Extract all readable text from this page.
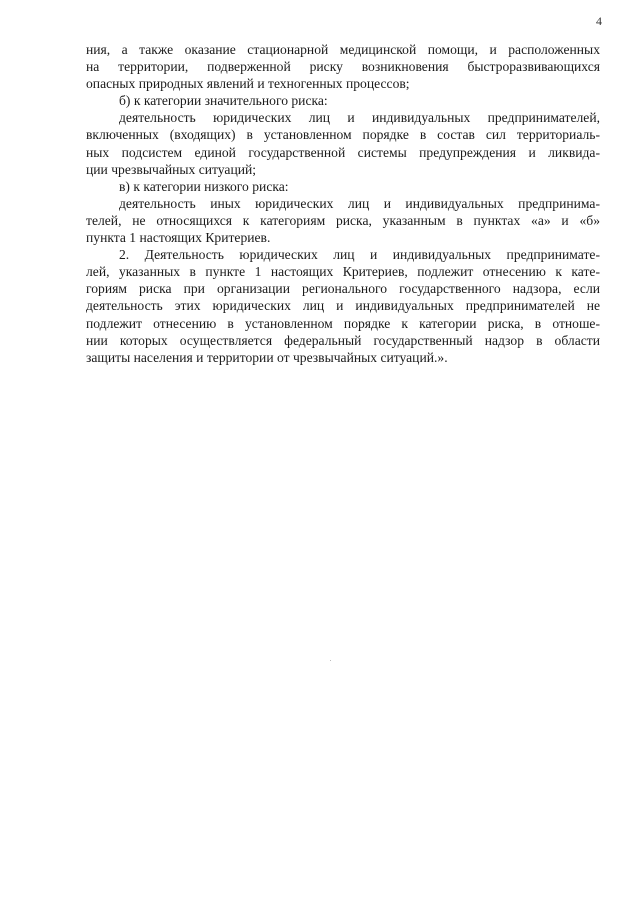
4
ния, а также оказание стационарной медицинской помощи, и расположенных
на территории, подверженной риску возникновения быстроразвивающихся
опасных природных явлений и техногенных процессов;
б) к категории значительного риска:
деятельность юридических лиц и индивидуальных предпринимателей,
включенных (входящих) в установленном порядке в состав сил территориаль-
ных подсистем единой государственной системы предупреждения и ликвида-
ции чрезвычайных ситуаций;
в) к категории низкого риска:
деятельность иных юридических лиц и индивидуальных предпринима-
телей, не относящихся к категориям риска, указанным в пунктах «а» и «б»
пункта 1 настоящих Критериев.
2. Деятельность юридических лиц и индивидуальных предпринимате-
лей, указанных в пункте 1 настоящих Критериев, подлежит отнесению к кате-
гориям риска при организации регионального государственного надзора, если
деятельность этих юридических лиц и индивидуальных предпринимателей не
подлежит отнесению в установленном порядке к категории риска, в отноше-
нии которых осуществляется федеральный государственный надзор в области
защиты населения и территории от чрезвычайных ситуаций.».
